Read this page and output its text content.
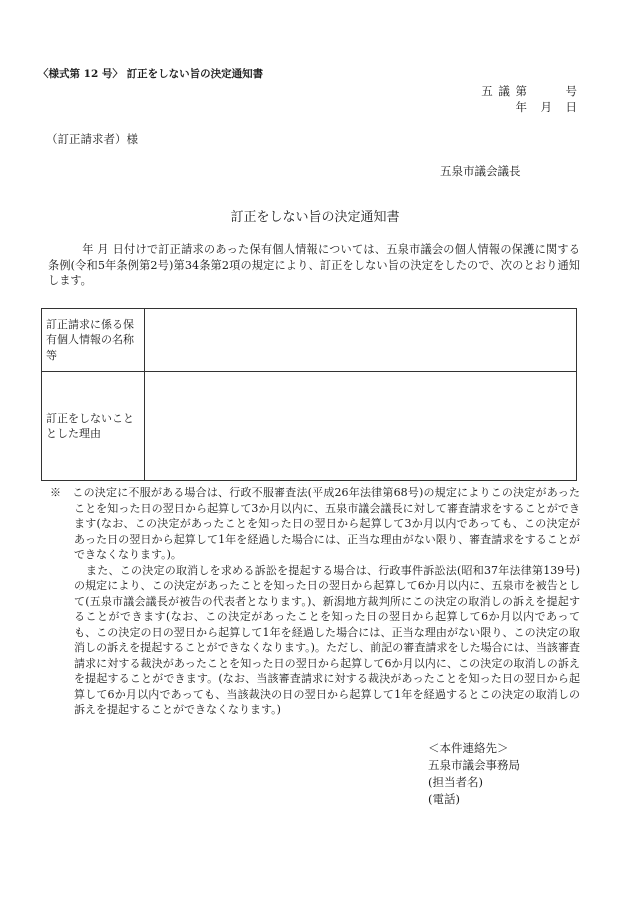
〈様式第 12 号〉 訂正をしない旨の決定通知書
五 議 第　　　号
年　月　日
（訂正請求者）様
五泉市議会議長
訂正をしない旨の決定通知書
年 月 日付けで訂正請求のあった保有個人情報については、五泉市議会の個人情報の保護に関する条例(令和5年条例第2号)第34条第2項の規定により、訂正をしない旨の決定をしたので、次のとおり通知します。
訂正請求に係る保有個人情報の名称等	
訂正をしないこととした理由	

※　この決定に不服がある場合は、行政不服審査法(平成26年法律第68号)の規定によりこの決定があったことを知った日の翌日から起算して3か月以内に、五泉市議会議長に対して審査請求をすることができます(なお、この決定があったことを知った日の翌日から起算して3か月以内であっても、この決定があった日の翌日から起算して1年を経過した場合には、正当な理由がない限り、審査請求をすることができなくなります。)。

また、この決定の取消しを求める訴訟を提起する場合は、行政事件訴訟法(昭和37年法律第139号)の規定により、この決定があったことを知った日の翌日から起算して6か月以内に、五泉市を被告として(五泉市議会議長が被告の代表者となります。)、新潟地方裁判所にこの決定の取消しの訴えを提起することができます(なお、この決定があったことを知った日の翌日から起算して6か月以内であっても、この決定の日の翌日から起算して1年を経過した場合には、正当な理由がない限り、この決定の取消しの訴えを提起することができなくなります。)。ただし、前記の審査請求をした場合には、当該審査請求に対する裁決があったことを知った日の翌日から起算して6か月以内に、この決定の取消しの訴えを提起することができます。(なお、当該審査請求に対する裁決があったことを知った日の翌日から起算して6か月以内であっても、当該裁決の日の翌日から起算して1年を経過するとこの決定の取消しの訴えを提起することができなくなります。)

＜本件連絡先＞
五泉市議会事務局
(担当者名)
(電話)
